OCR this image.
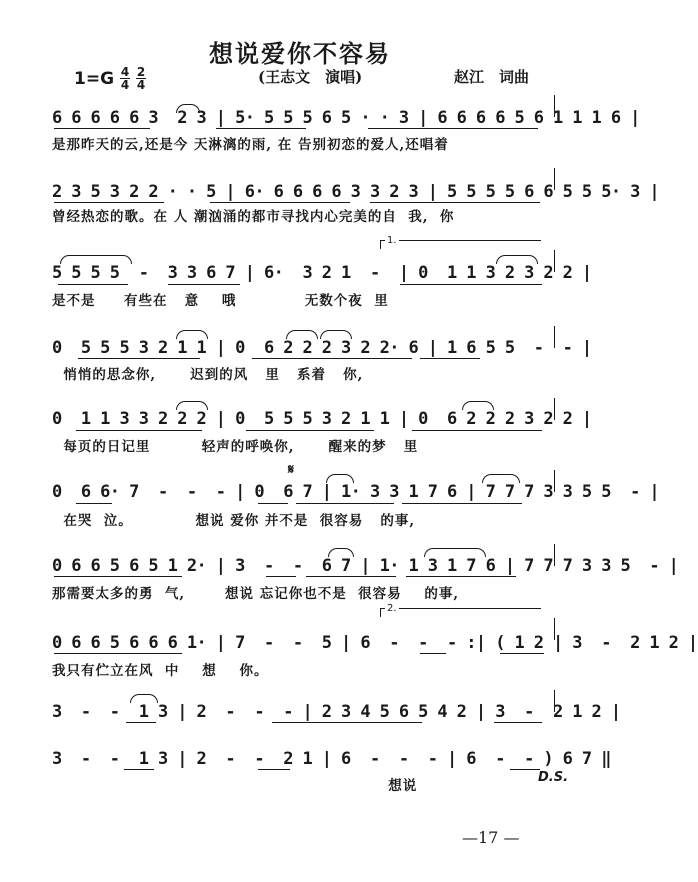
想说爱你不容易
$1=G \frac{4}{4} \frac{2}{4}$	(王志文　演唱)	赵江　词曲
6 6 6 6 6 3  2 3 | 5· 5 5 5 6 5 · · 3 | 6 6 6 6 5 6 1 1 1 6 |
是那昨天的云,还是今 天淋漓的雨, 在 告别初恋的爱人,还唱着
2 3 5 3 2 2 · · 5 | 6· 6 6 6 6 3 3 2 3 | 5 5 5 5 6 6 5 5 5· 3 |
曾经热恋的歌。在 人 潮汹涌的都市寻找内心完美的自  我,  你
5 5 5 5  -  3 3 6 7 | 6·  3 2 1  -  | 0  1 1 3 2 3 2 2 |
是不是     有些在   意    哦            无数个夜  里
0  5 5 5 3 2 1 1 | 0  6 2 2 2 3 2 2· 6 | 1 6 5 5  -  - |
悄悄的思念你,      迟到的风   里   系着   你,
0  1 1 3 3 2 2 2 | 0  5 5 5 3 2 1 1 | 0  6 2 2 2 3 2 2 |
每页的日记里         轻声的呼唤你,      醒来的梦   里
0  6 6· 7  -  -  - | 0  6 7 | 1· 3 3 1 7 6 | 7 7 7 3 3 5 5  - |
在哭  泣。           想说 爱你 并不是  很容易   的事,
0 6 6 5 6 5 1 2· | 3  -  -  6 7 | 1· 1 3 1 7 6 | 7 7 7 3 3 5  - |
那需要太多的勇  气,       想说 忘记你也不是  很容易    的事,
0 6 6 5 6 6 6 1· | 7  -  -  5 | 6  -  -  - :| ( 1 2 | 3  -  2 1 2 |
我只有伫立在风  中    想    你。
3  -  -  1 3 | 2  -  -  - | 2 3 4 5 6 5 4 2 | 3  -  2 1 2 |
3  -  -  1 3 | 2  -  -  2 1 | 6  -  -  - | 6  -  - ) 6 7 ‖
想说
1.
2.
𝄋
D.S.
—17 —
